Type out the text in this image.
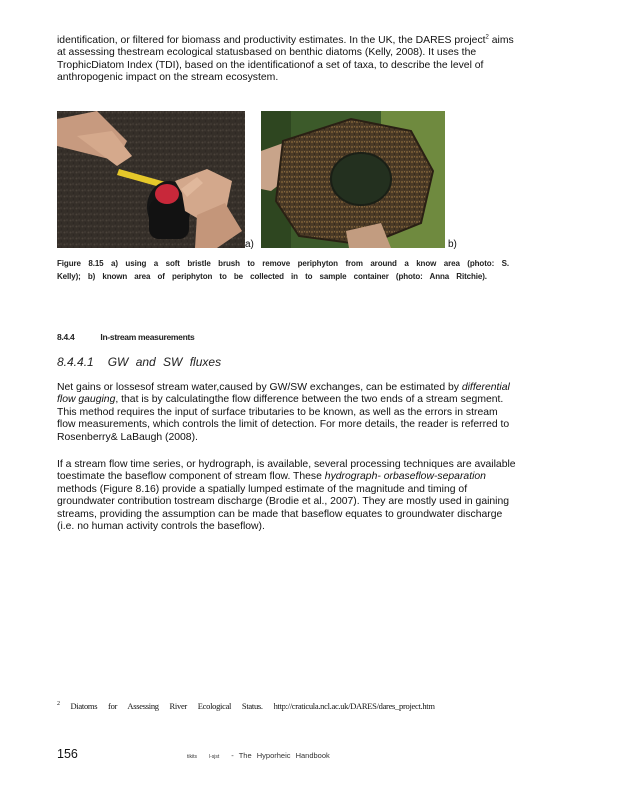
identification, or filtered for biomass and productivity estimates. In the UK, the DARES project$^2$ aims at assessing thestream ecological statusbased on benthic diatoms (Kelly, 2008). It uses the TrophicDiatom Index (TDI), based on the identificationof a set of taxa, to describe the level of anthropogenic impact on the stream ecosystem.

a)	b)
Figure 8.15 a) using a soft bristle brush to remove periphyton from around a know area (photo: S. Kelly); b) known area of periphyton to be collected in to sample container (photo: Anna Ritchie).
8.4.4	In-stream measurements
8.4.4.1 GW and SW fluxes

Net gains or lossesof stream water,caused by GW/SW exchanges, can be estimated by differential flow gauging, that is by calculatingthe flow difference between the two ends of a stream segment. This method requires the input of surface tributaries to be known, as well as the errors in stream flow measurements, which controls the limit of detection. For more details, the reader is referred to Rosenberry& LaBaugh (2008).

If a stream flow time series, or hydrograph, is available, several processing techniques are available toestimate the baseflow component of stream flow. These hydrograph- orbaseflow-separation methods (Figure 8.16) provide a spatially lumped estimate of the magnitude and timing of groundwater contribution tostream discharge (Brodie et al., 2007). They are mostly used in gaining streams, providing the assumption can be made that baseflow equates to groundwater discharge (i.e. no human activity controls the baseflow).

$^2$ Diatoms for Assessing River Ecological Status. http://craticula.ncl.ac.uk/DARES/dares_project.htm
156	tikits l-sjst - The Hyporheic Handbook
